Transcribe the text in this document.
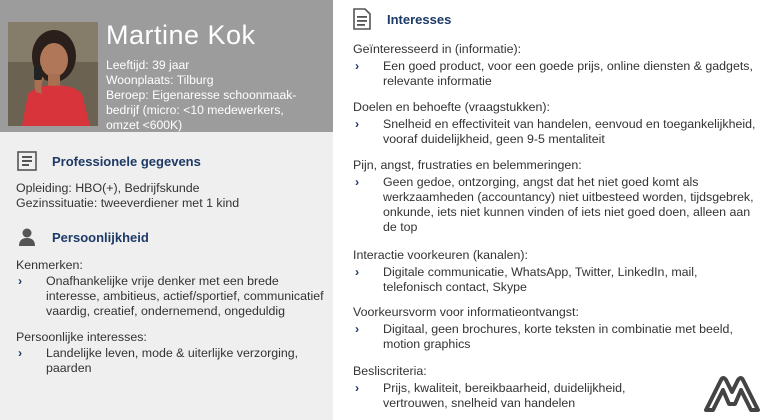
Martine Kok
Leeftijd: 39 jaar
Woonplaats: Tilburg
Beroep: Eigenaresse schoonmaak-
bedrijf (micro: <10 medewerkers,
omzet <600K)
Professionele gegevens
Opleiding: HBO(+), Bedrijfskunde
Gezinssituatie: tweeverdiener met 1 kind
Persoonlijkheid
Kenmerken:
›	Onafhankelijke vrije denker met een brede interesse, ambitieus, actief/sportief, communicatief vaardig, creatief, ondernemend, ongeduldig
Persoonlijke interesses:
›	Landelijke leven, mode & uiterlijke verzorging, paarden
Interesses
Geïnteresseerd in (informatie):
›	Een goed product, voor een goede prijs, online diensten & gadgets, relevante informatie
Doelen en behoefte (vraagstukken):
›	Snelheid en effectiviteit van handelen, eenvoud en toegankelijkheid, vooraf duidelijkheid, geen 9-5 mentaliteit
Pijn, angst, frustraties en belemmeringen:
›	Geen gedoe, ontzorging, angst dat het niet goed komt als werkzaamheden (accountancy) niet uitbesteed worden, tijdsgebrek, onkunde, iets niet kunnen vinden of iets niet goed doen, alleen aan de top
Interactie voorkeuren (kanalen):
›	Digitale communicatie, WhatsApp, Twitter, LinkedIn, mail, telefonisch contact, Skype
Voorkeursvorm voor informatieontvangst:
›	Digitaal, geen brochures, korte teksten in combinatie met beeld, motion graphics
Besliscriteria:
›	Prijs, kwaliteit, bereikbaarheid, duidelijkheid, vertrouwen, snelheid van handelen
